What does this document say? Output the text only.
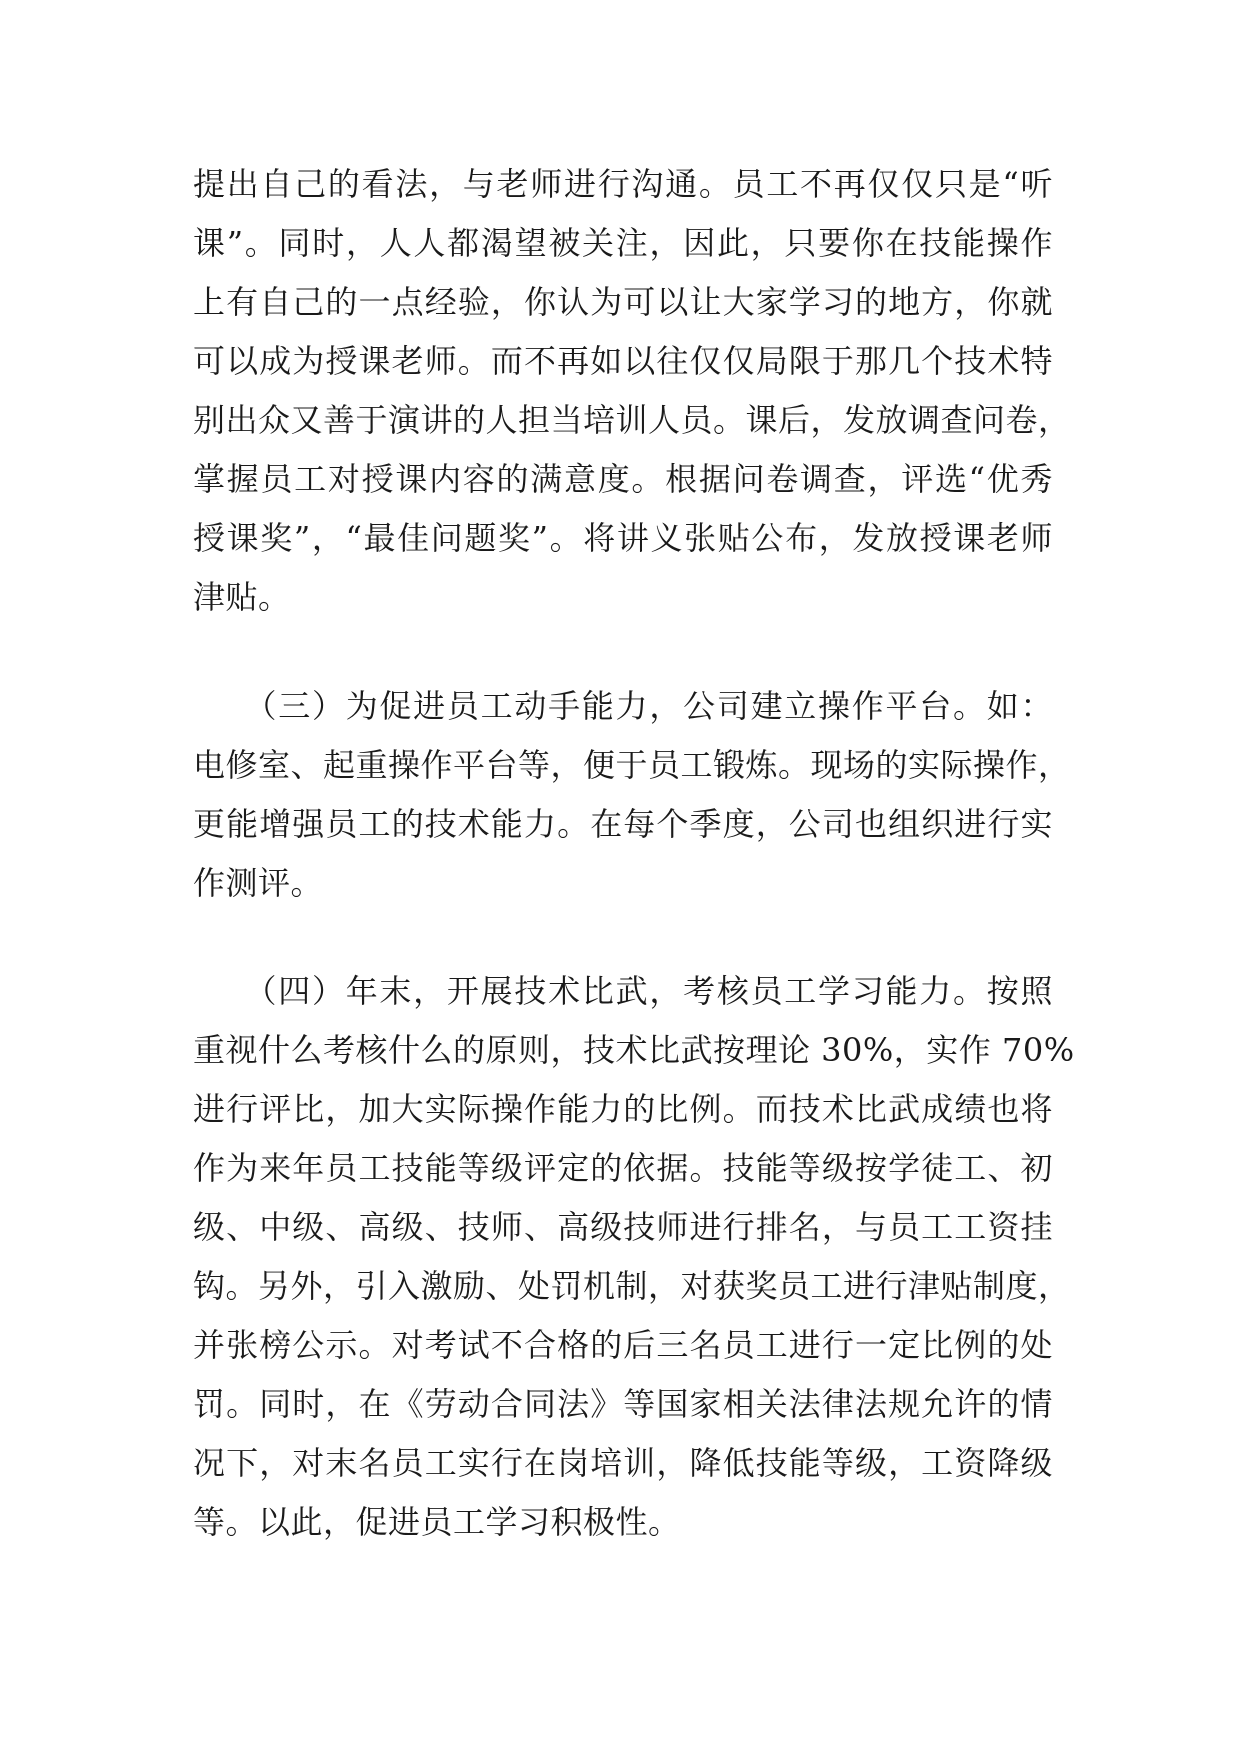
提出自己的看法，与老师进行沟通。员工不再仅仅只是“听
课”。同时，人人都渴望被关注，因此，只要你在技能操作
上有自己的一点经验，你认为可以让大家学习的地方，你就
可以成为授课老师。而不再如以往仅仅局限于那几个技术特
别出众又善于演讲的人担当培训人员。课后，发放调查问卷，
掌握员工对授课内容的满意度。根据问卷调查，评选“优秀
授课奖”，“最佳问题奖”。将讲义张贴公布，发放授课老师
津贴。
　　（三）为促进员工动手能力，公司建立操作平台。如：
电修室、起重操作平台等，便于员工锻炼。现场的实际操作，
更能增强员工的技术能力。在每个季度，公司也组织进行实
作测评。
　　（四）年末，开展技术比武，考核员工学习能力。按照
重视什么考核什么的原则，技术比武按理论 30%，实作 70%
进行评比，加大实际操作能力的比例。而技术比武成绩也将
作为来年员工技能等级评定的依据。技能等级按学徒工、初
级、中级、高级、技师、高级技师进行排名，与员工工资挂
钩。另外，引入激励、处罚机制，对获奖员工进行津贴制度，
并张榜公示。对考试不合格的后三名员工进行一定比例的处
罚。同时，在《劳动合同法》等国家相关法律法规允许的情
况下，对末名员工实行在岗培训，降低技能等级，工资降级
等。以此，促进员工学习积极性。
